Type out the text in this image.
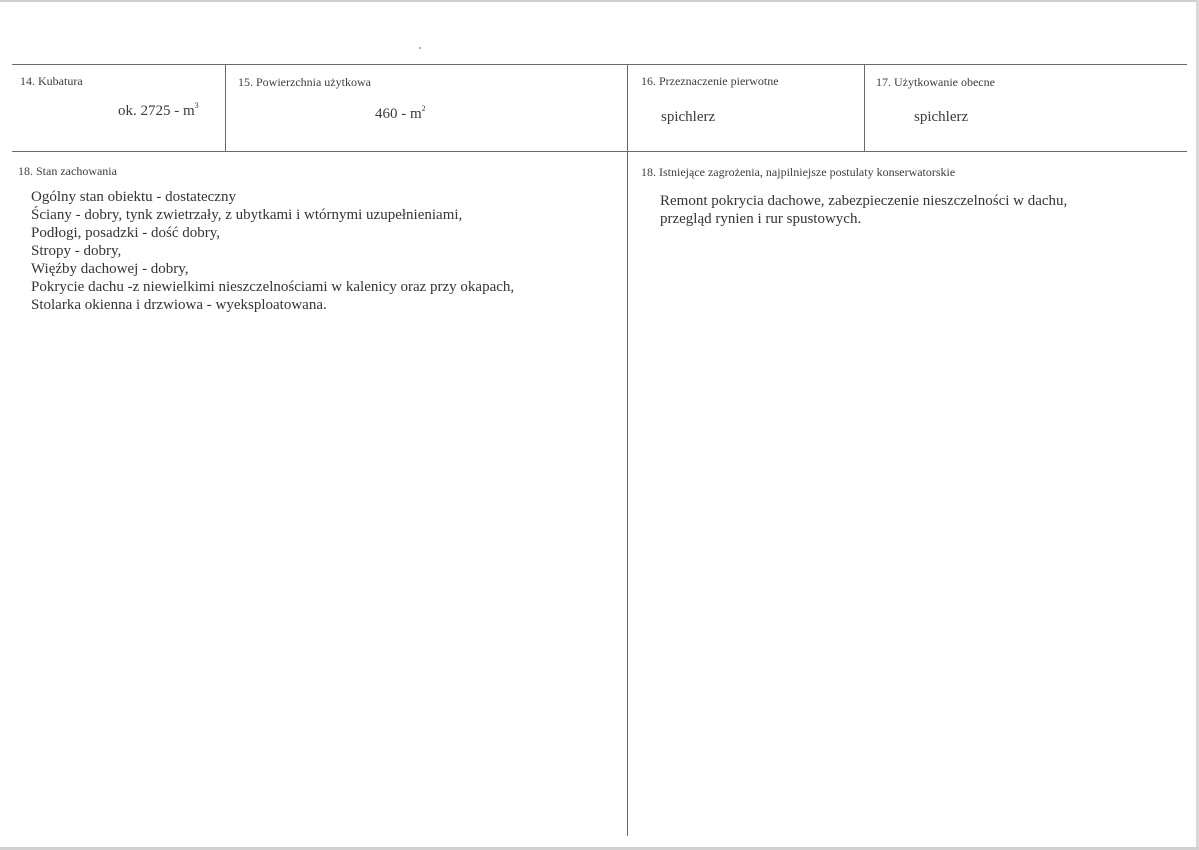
14. Kubatura
ok. $2725 - m^3$
15. Powierzchnia użytkowa
$460 - m^2$
16. Przeznaczenie pierwotne
spichlerz
17. Użytkowanie obecne
spichlerz
18. Stan zachowania
Ogólny stan obiektu - dostateczny
Ściany - dobry, tynk zwietrzały, z ubytkami i wtórnymi uzupełnieniami,
Podłogi, posadzki - dość dobry,
Stropy - dobry,
Więźby dachowej - dobry,
Pokrycie dachu -z niewielkimi nieszczelnościami w kalenicy oraz przy okapach,
Stolarka okienna i drzwiowa - wyeksploatowana.
18. Istniejące zagrożenia, najpilniejsze postulaty konserwatorskie
Remont pokrycia dachowe, zabezpieczenie nieszczelności w dachu,
przegląd rynien i rur spustowych.
